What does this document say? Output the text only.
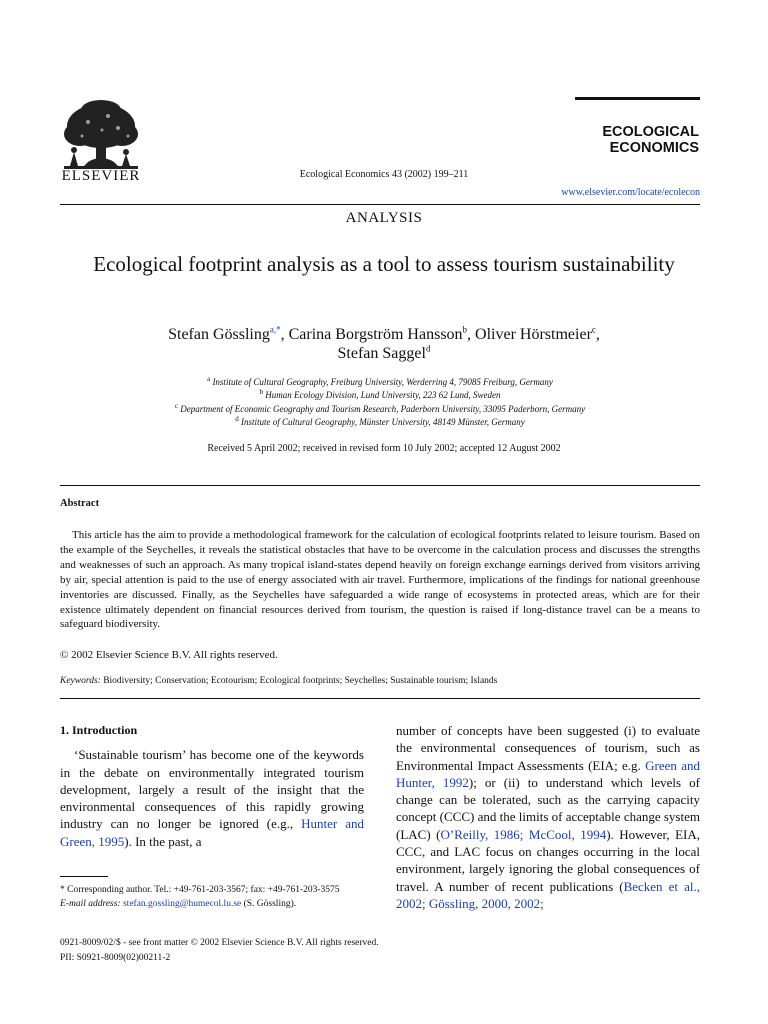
ELSEVIER	Ecological Economics 43 (2002) 199–211
ECOLOGICAL
ECONOMICS
www.elsevier.com/locate/ecolecon
ANALYSIS
Ecological footprint analysis as a tool to assess tourism sustainability
Stefan Gössling$^{a,*}$, Carina Borgström Hansson$^b$, Oliver Hörstmeier$^c$,
Stefan Saggel$^d$
$^a$ Institute of Cultural Geography, Freiburg University, Werderring 4, 79085 Freiburg, Germany
$^b$ Human Ecology Division, Lund University, 223 62 Lund, Sweden
$^c$ Department of Economic Geography and Tourism Research, Paderborn University, 33095 Paderborn, Germany
$^d$ Institute of Cultural Geography, Münster University, 48149 Münster, Germany
Received 5 April 2002; received in revised form 10 July 2002; accepted 12 August 2002
Abstract
This article has the aim to provide a methodological framework for the calculation of ecological footprints related to leisure tourism. Based on the example of the Seychelles, it reveals the statistical obstacles that have to be overcome in the calculation process and discusses the strengths and weaknesses of such an approach. As many tropical island-states depend heavily on foreign exchange earnings derived from visitors arriving by air, special attention is paid to the use of energy associated with air travel. Furthermore, implications of the findings for national greenhouse inventories are discussed. Finally, as the Seychelles have safeguarded a wide range of ecosystems in protected areas, which are for their existence ultimately dependent on financial resources derived from tourism, the question is raised if long-distance travel can be a means to safeguard biodiversity.
© 2002 Elsevier Science B.V. All rights reserved.
Keywords: Biodiversity; Conservation; Ecotourism; Ecological footprints; Seychelles; Sustainable tourism; Islands
1. Introduction
‘Sustainable tourism’ has become one of the keywords in the debate on environmentally integrated tourism development, largely a result of the insight that the environmental consequences of this rapidly growing industry can no longer be ignored (e.g., Hunter and Green, 1995). In the past, a
number of concepts have been suggested (i) to evaluate the environmental consequences of tourism, such as Environmental Impact Assessments (EIA; e.g. Green and Hunter, 1992); or (ii) to understand which levels of change can be tolerated, such as the carrying capacity concept (CCC) and the limits of acceptable change system (LAC) (O’Reilly, 1986; McCool, 1994). However, EIA, CCC, and LAC focus on changes occurring in the local environment, largely ignoring the global consequences of travel. A number of recent publications (Becken et al., 2002; Gössling, 2000, 2002;
* Corresponding author. Tel.: +49-761-203-3567; fax: +49-761-203-3575
E-mail address: stefan.gossling@humecol.lu.se (S. Gössling).
0921-8009/02/$ - see front matter © 2002 Elsevier Science B.V. All rights reserved.
PII: S0921-8009(02)00211-2
